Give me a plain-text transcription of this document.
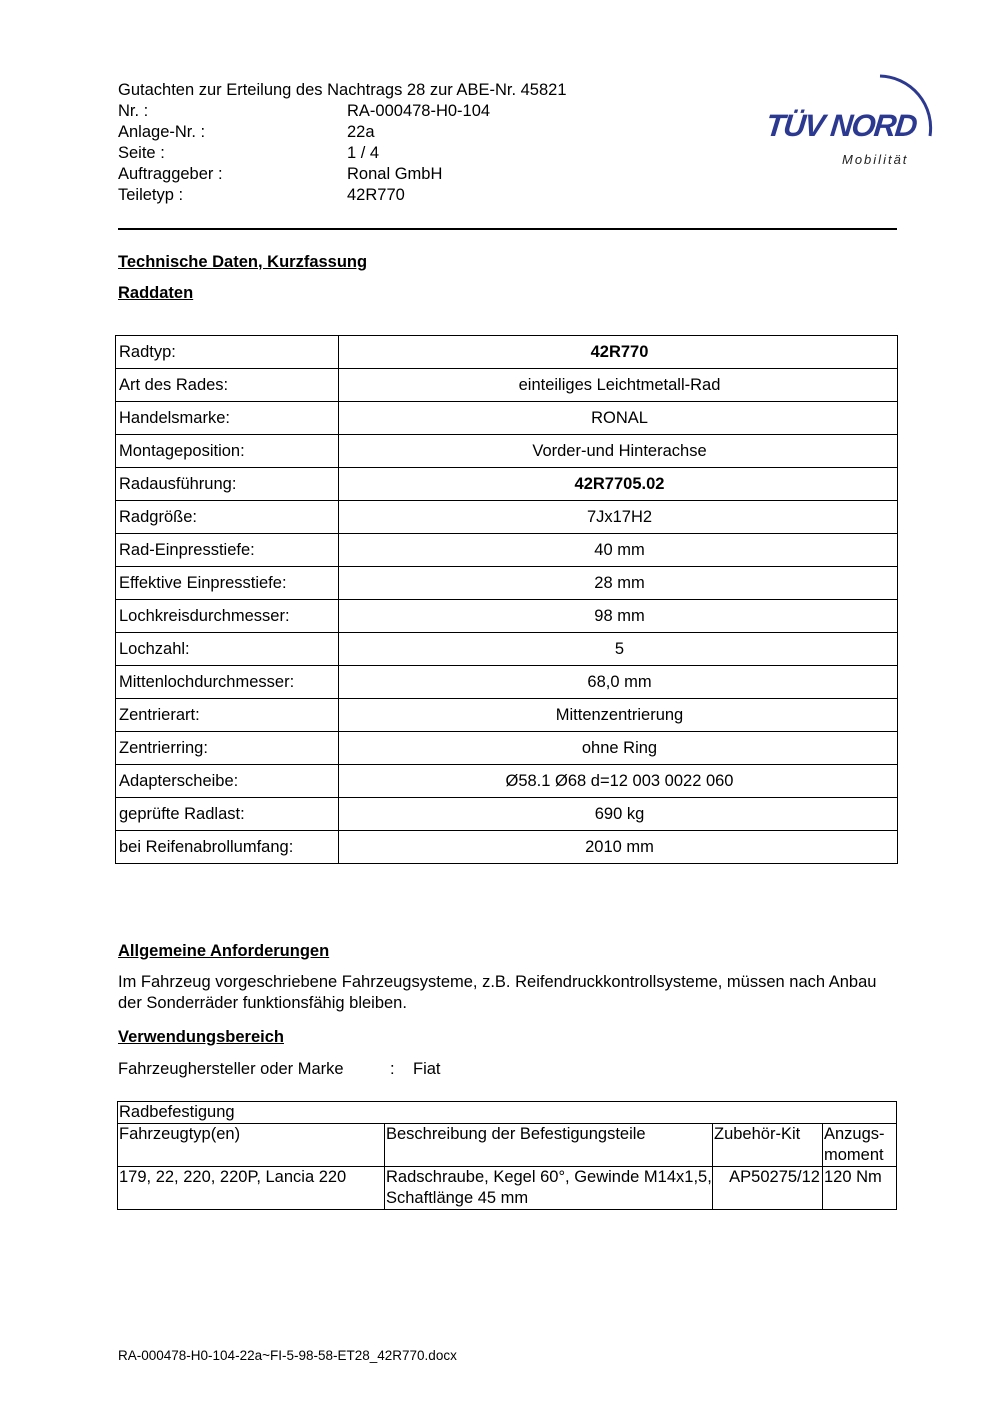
Gutachten zur Erteilung des Nachtrags 28 zur ABE-Nr. 45821
Nr. :	RA-000478-H0-104
Anlage-Nr. :	22a
Seite :	1 / 4
Auftraggeber :	Ronal GmbH
Teiletyp :	42R770
TÜV NORD
Mobilität
Technische Daten, Kurzfassung
Raddaten
Radtyp:	42R770
Art des Rades:	einteiliges Leichtmetall-Rad
Handelsmarke:	RONAL
Montageposition:	Vorder-und Hinterachse
Radausführung:	42R7705.02
Radgröße:	7Jx17H2
Rad-Einpresstiefe:	40 mm
Effektive Einpresstiefe:	28 mm
Lochkreisdurchmesser:	98 mm
Lochzahl:	5
Mittenlochdurchmesser:	68,0 mm
Zentrierart:	Mittenzentrierung
Zentrierring:	ohne Ring
Adapterscheibe:	Ø58.1 Ø68 d=12 003 0022 060
geprüfte Radlast:	690 kg
bei Reifenabrollumfang:	2010 mm
Allgemeine Anforderungen
Im Fahrzeug vorgeschriebene Fahrzeugsysteme, z.B. Reifendruckkontrollsysteme, müssen nach Anbau der Sonderräder funktionsfähig bleiben.
Verwendungsbereich
Fahrzeughersteller oder Marke	:	Fiat
Radbefestigung			
Fahrzeugtyp(en)	Beschreibung der Befestigungsteile	Zubehör-Kit	Anzugs-
moment
179, 22, 220, 220P, Lancia 220	Radschraube, Kegel 60°, Gewinde M14x1,5, Schaftlänge 45 mm	AP50275/12	120 Nm
RA-000478-H0-104-22a~FI-5-98-58-ET28_42R770.docx
